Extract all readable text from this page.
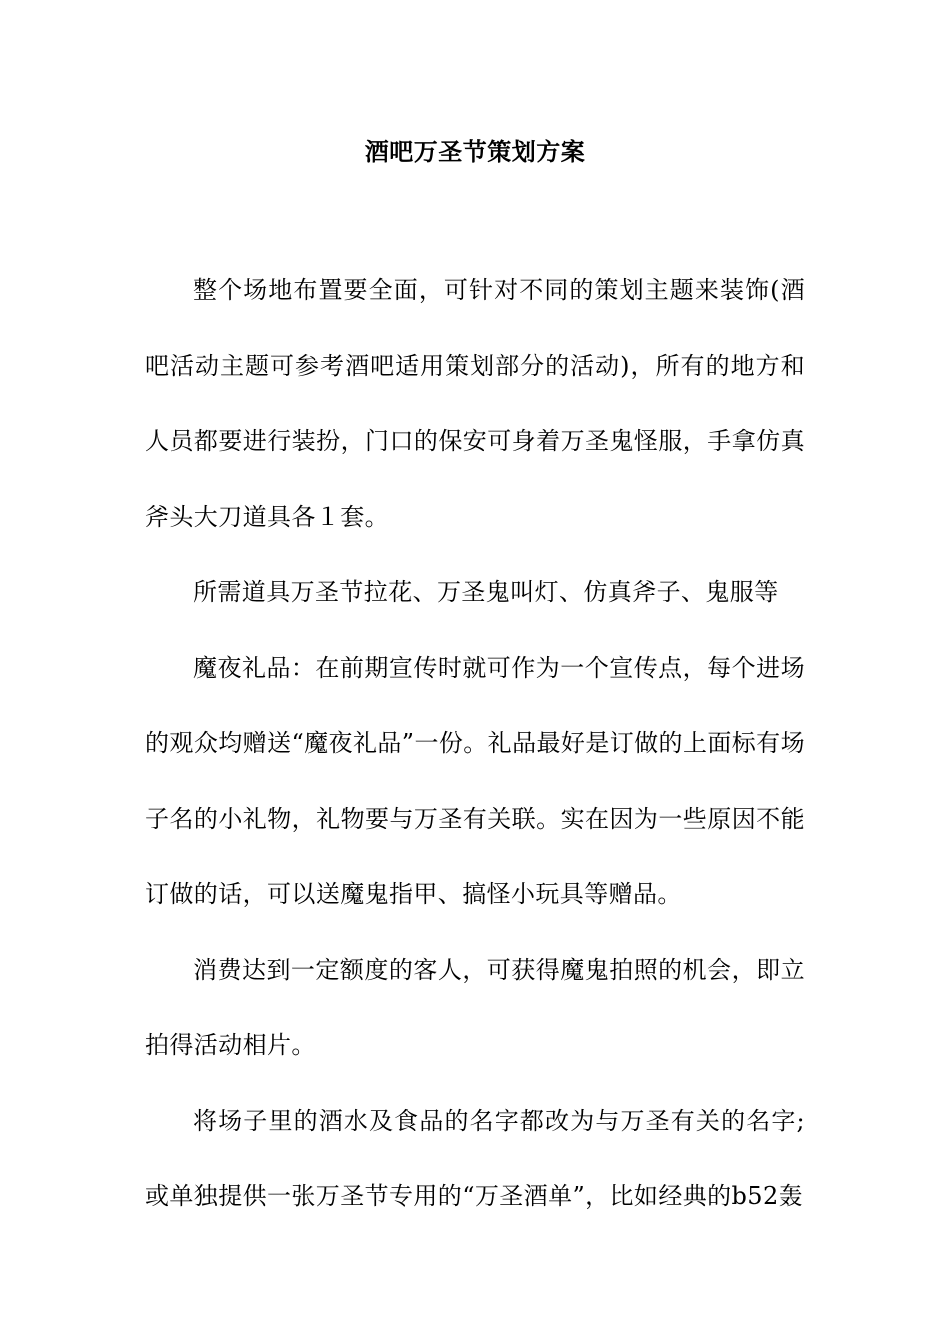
酒吧万圣节策划方案

整个场地布置要全面，可针对不同的策划主题来装饰(酒吧活动主题可参考酒吧适用策划部分的活动)，所有的地方和人员都要进行装扮，门口的保安可身着万圣鬼怪服，手拿仿真斧头大刀道具各１套。

所需道具万圣节拉花、万圣鬼叫灯、仿真斧子、鬼服等

魔夜礼品：在前期宣传时就可作为一个宣传点，每个进场的观众均赠送“魔夜礼品”一份。礼品最好是订做的上面标有场子名的小礼物，礼物要与万圣有关联。实在因为一些原因不能订做的话，可以送魔鬼指甲、搞怪小玩具等赠品。

消费达到一定额度的客人，可获得魔鬼拍照的机会，即立拍得活动相片。

将场子里的酒水及食品的名字都改为与万圣有关的名字;或单独提供一张万圣节专用的“万圣酒单”，比如经典的b52轰
